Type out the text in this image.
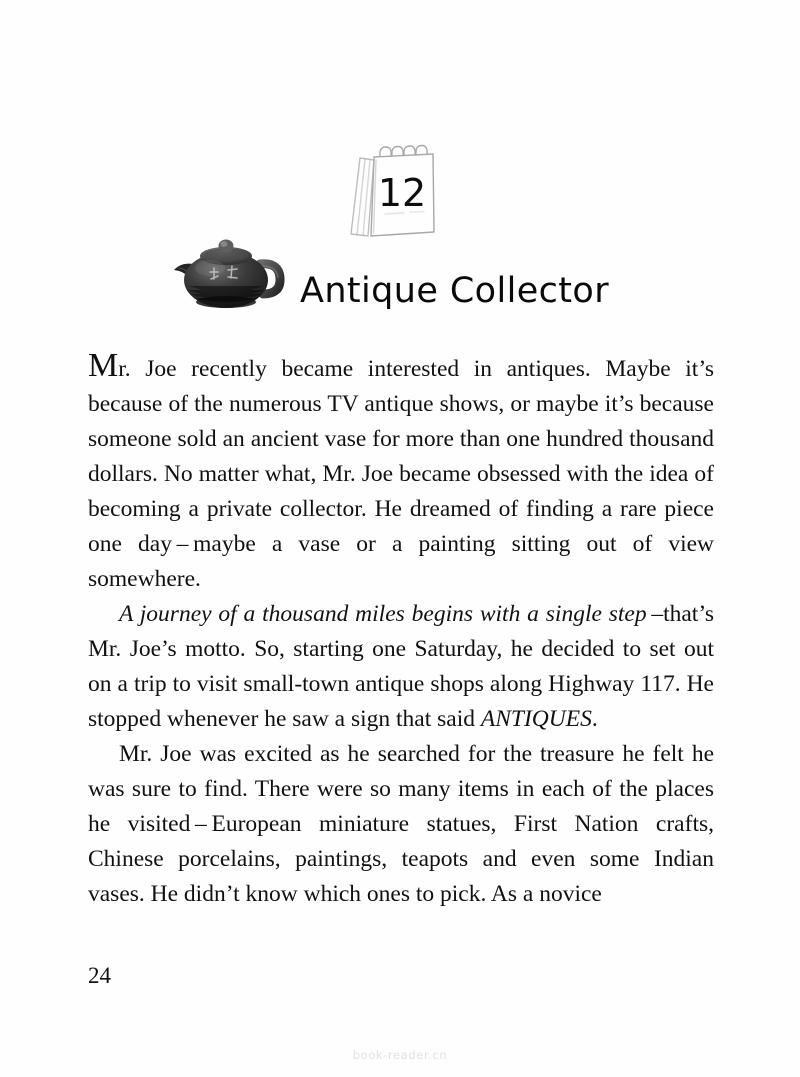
12
Antique Collector

Mr. Joe recently became interested in antiques. Maybe it’s because of the numerous TV antique shows, or maybe it’s because someone sold an ancient vase for more than one hundred thousand dollars. No matter what, Mr. Joe became obsessed with the idea of becoming a private collector. He dreamed of finding a rare piece one day – maybe a vase or a painting sitting out of view somewhere.

A journey of a thousand miles begins with a single step –that’s Mr. Joe’s motto. So, starting one Saturday, he decided to set out on a trip to visit small-town antique shops along Highway 117. He stopped whenever he saw a sign that said ANTIQUES.

Mr. Joe was excited as he searched for the treasure he felt he was sure to find. There were so many items in each of the places he visited – European miniature statues, First Nation crafts, Chinese porcelains, paintings, teapots and even some Indian vases. He didn’t know which ones to pick. As a novice

24
book-reader.cn
